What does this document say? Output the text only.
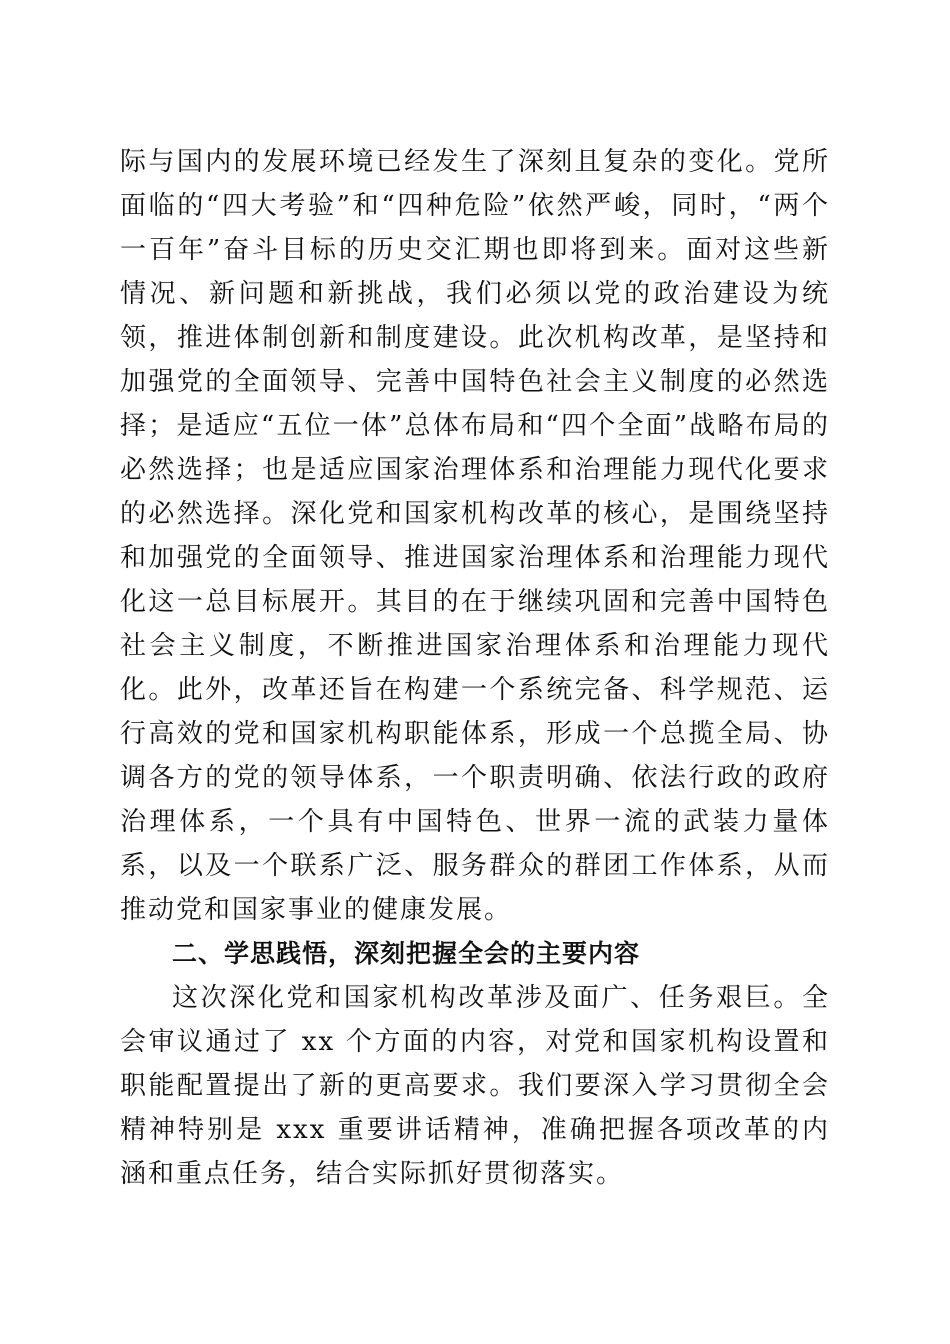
际与国内的发展环境已经发生了深刻且复杂的变化。党所面临的“四大考验”和“四种危险”依然严峻，同时，“两个一百年”奋斗目标的历史交汇期也即将到来。面对这些新情况、新问题和新挑战，我们必须以党的政治建设为统领，推进体制创新和制度建设。此次机构改革，是坚持和加强党的全面领导、完善中国特色社会主义制度的必然选择；是适应“五位一体”总体布局和“四个全面”战略布局的必然选择；也是适应国家治理体系和治理能力现代化要求的必然选择。深化党和国家机构改革的核心，是围绕坚持和加强党的全面领导、推进国家治理体系和治理能力现代化这一总目标展开。其目的在于继续巩固和完善中国特色社会主义制度，不断推进国家治理体系和治理能力现代化。此外，改革还旨在构建一个系统完备、科学规范、运行高效的党和国家机构职能体系，形成一个总揽全局、协调各方的党的领导体系，一个职责明确、依法行政的政府治理体系，一个具有中国特色、世界一流的武装力量体系，以及一个联系广泛、服务群众的群团工作体系，从而推动党和国家事业的健康发展。

二、学思践悟，深刻把握全会的主要内容

这次深化党和国家机构改革涉及面广、任务艰巨。全会审议通过了 xx 个方面的内容，对党和国家机构设置和职能配置提出了新的更高要求。我们要深入学习贯彻全会精神特别是 xxx 重要讲话精神，准确把握各项改革的内涵和重点任务，结合实际抓好贯彻落实。
